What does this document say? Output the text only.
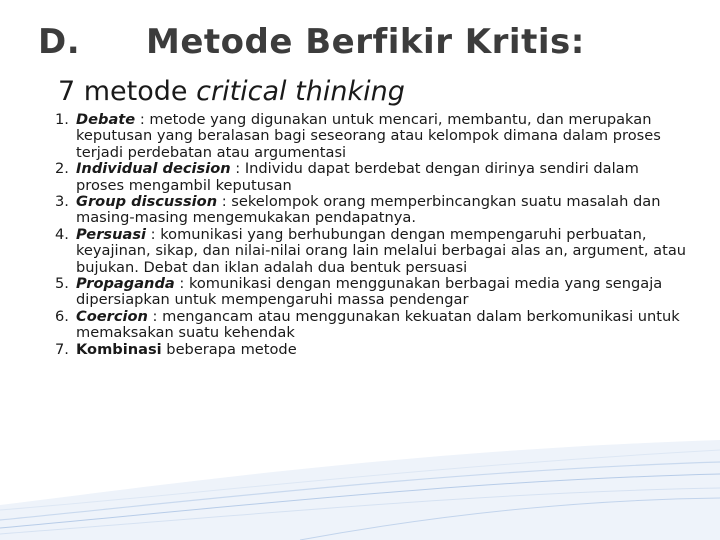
D. Metode Berfikir Kritis:
7 metode critical thinking
1. Debate : metode yang digunakan untuk mencari, membantu, dan merupakan keputusan yang beralasan bagi seseorang atau kelompok dimana dalam proses terjadi perdebatan atau argumentasi
2. Individual decision : Individu dapat berdebat dengan dirinya sendiri dalam proses mengambil keputusan
3. Group discussion : sekelompok orang memperbincangkan suatu masalah dan masing-masing mengemukakan pendapatnya.
4. Persuasi : komunikasi yang berhubungan dengan mempengaruhi perbuatan, keyajinan, sikap, dan nilai-nilai orang lain melalui berbagai alas an, argument, atau bujukan. Debat dan iklan adalah dua bentuk persuasi
5. Propaganda : komunikasi dengan menggunakan berbagai media yang sengaja dipersiapkan untuk mempengaruhi massa pendengar
6. Coercion : mengancam atau menggunakan kekuatan dalam berkomunikasi untuk memaksakan suatu kehendak
7. Kombinasi beberapa metode
